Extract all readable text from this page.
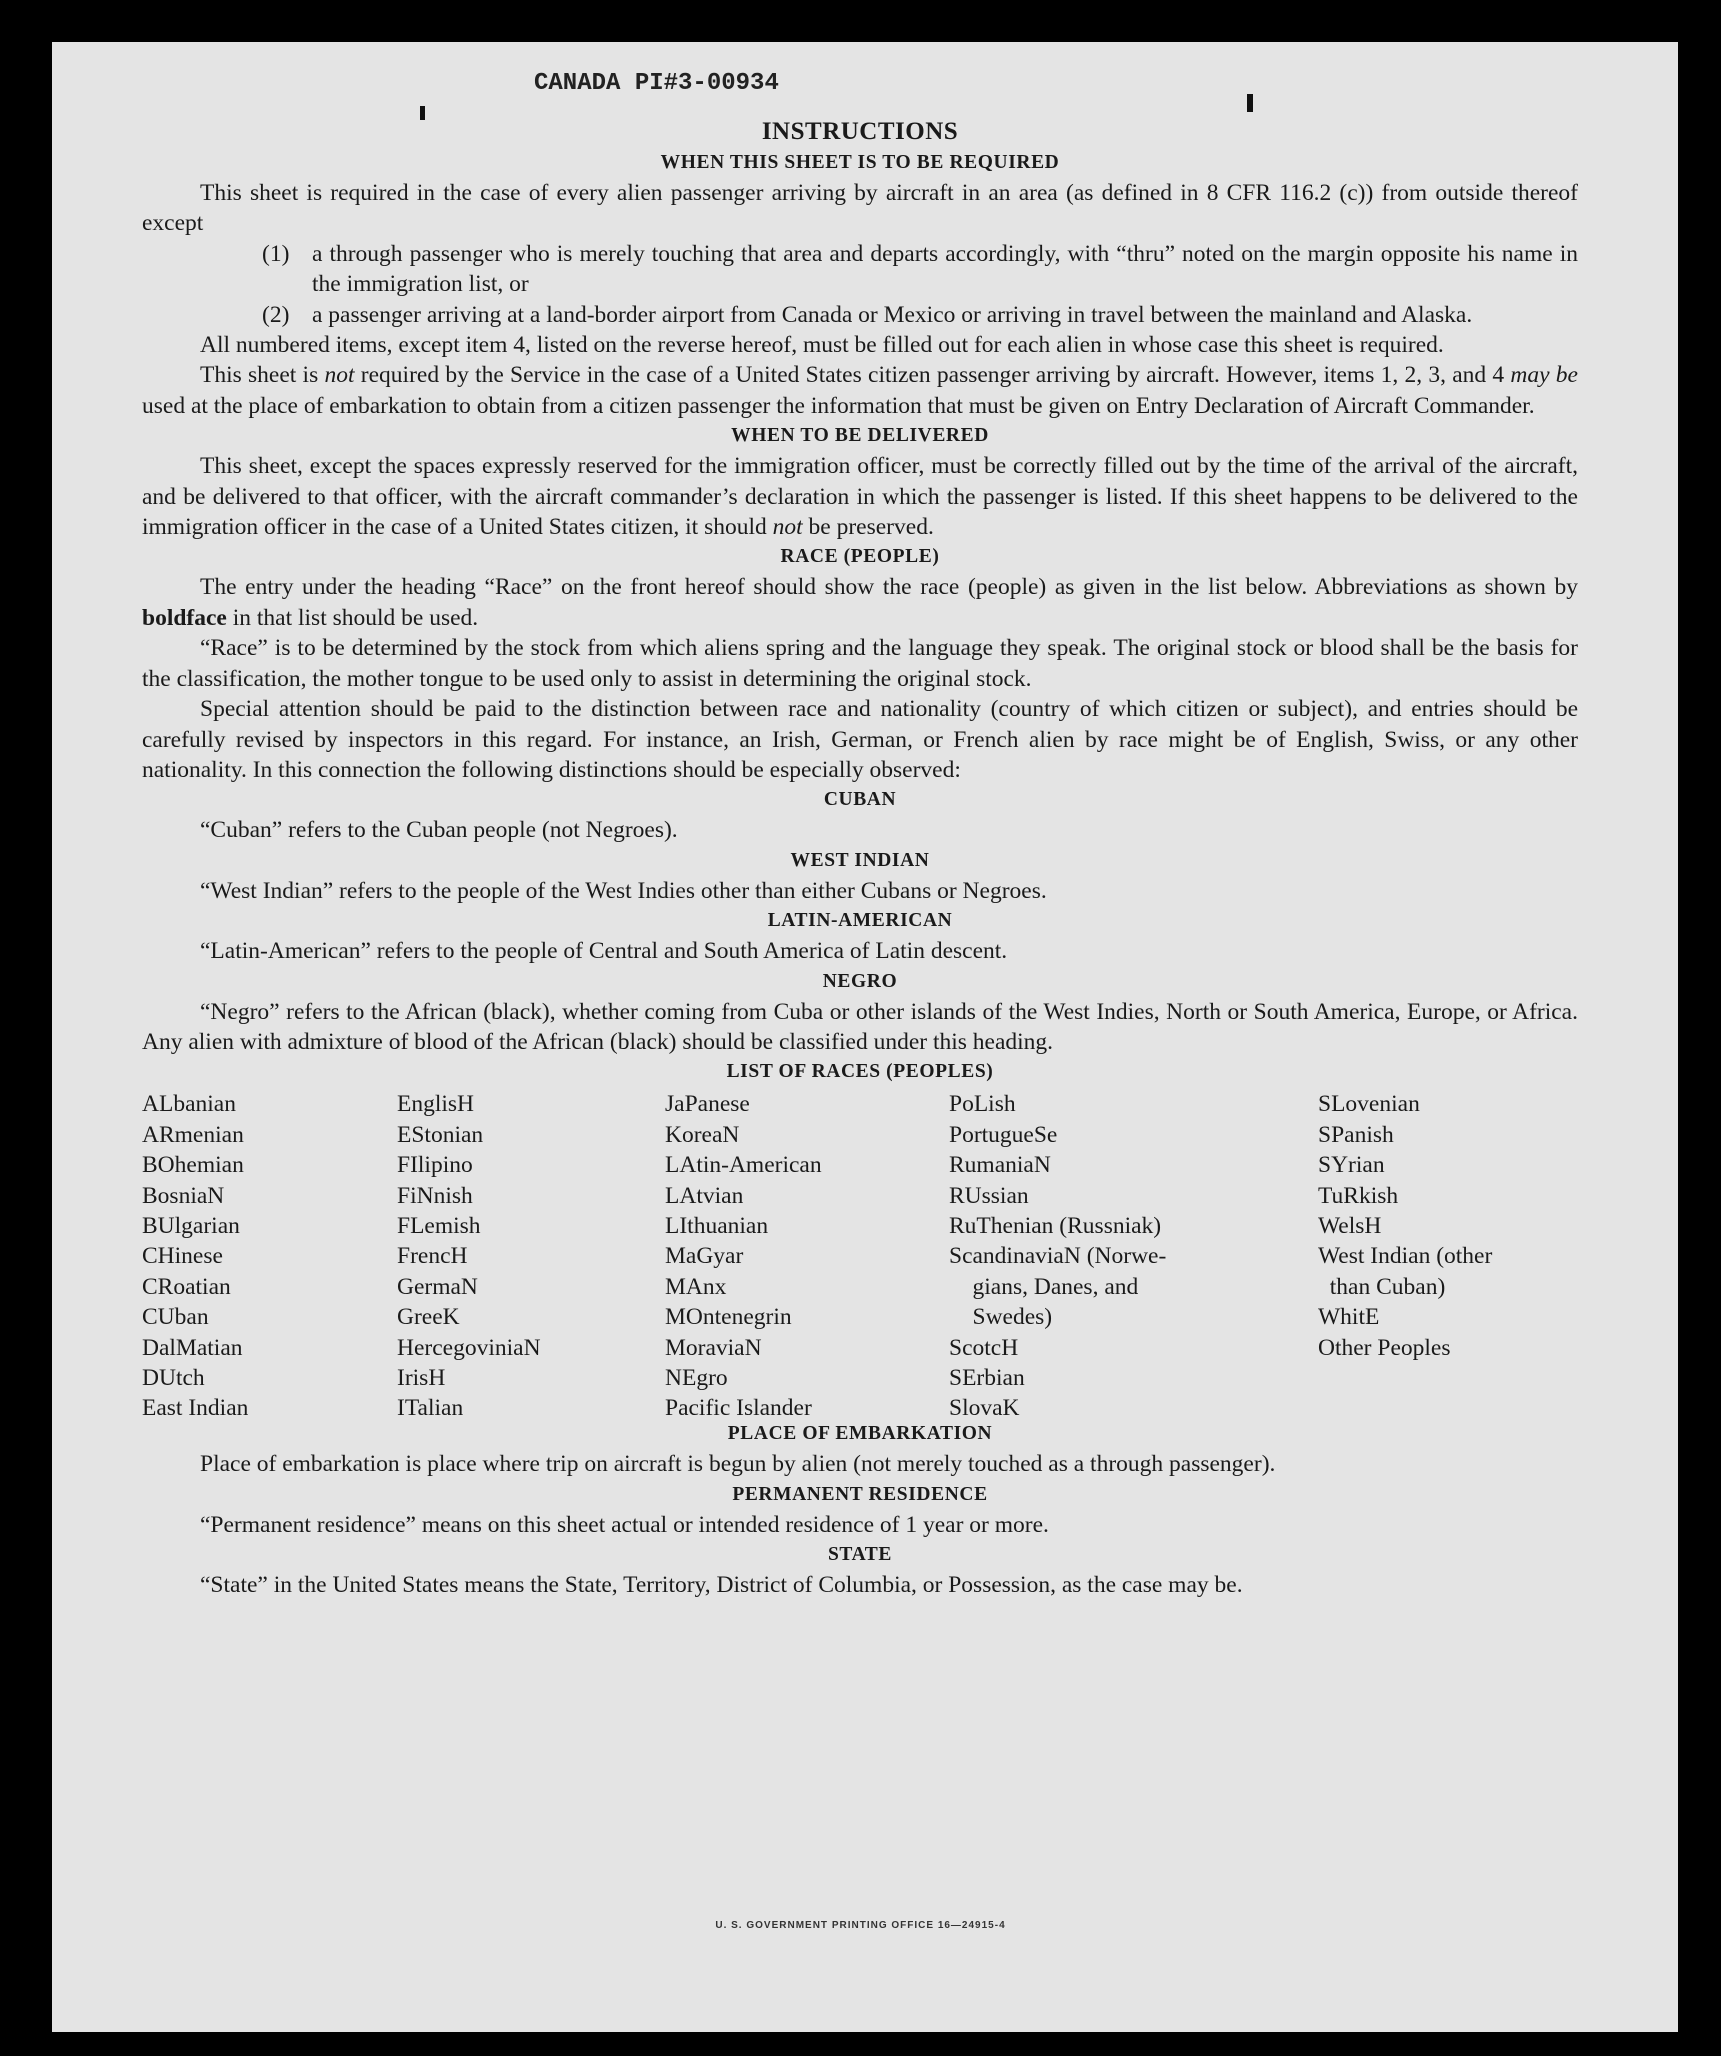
CANADA PI#3-00934
INSTRUCTIONS
WHEN THIS SHEET IS TO BE REQUIRED

This sheet is required in the case of every alien passenger arriving by aircraft in an area (as defined in 8 CFR 116.2 (c)) from outside thereof except

(1) a through passenger who is merely touching that area and departs accordingly, with “thru” noted on the margin opposite his name in the immigration list, or
(2) a passenger arriving at a land-border airport from Canada or Mexico or arriving in travel between the mainland and Alaska.

All numbered items, except item 4, listed on the reverse hereof, must be filled out for each alien in whose case this sheet is required.

This sheet is not required by the Service in the case of a United States citizen passenger arriving by aircraft. However, items 1, 2, 3, and 4 may be used at the place of embarkation to obtain from a citizen passenger the information that must be given on Entry Declaration of Aircraft Commander.

WHEN TO BE DELIVERED

This sheet, except the spaces expressly reserved for the immigration officer, must be correctly filled out by the time of the arrival of the aircraft, and be delivered to that officer, with the aircraft commander’s declaration in which the passenger is listed. If this sheet happens to be delivered to the immigration officer in the case of a United States citizen, it should not be preserved.

RACE (PEOPLE)

The entry under the heading “Race” on the front hereof should show the race (people) as given in the list below. Abbreviations as shown by boldface in that list should be used.

“Race” is to be determined by the stock from which aliens spring and the language they speak. The original stock or blood shall be the basis for the classification, the mother tongue to be used only to assist in determining the original stock.

Special attention should be paid to the distinction between race and nationality (country of which citizen or subject), and entries should be carefully revised by inspectors in this regard. For instance, an Irish, German, or French alien by race might be of English, Swiss, or any other nationality. In this connection the following distinctions should be especially observed:

CUBAN

“Cuban” refers to the Cuban people (not Negroes).

WEST INDIAN

“West Indian” refers to the people of the West Indies other than either Cubans or Negroes.

LATIN-AMERICAN

“Latin-American” refers to the people of Central and South America of Latin descent.

NEGRO

“Negro” refers to the African (black), whether coming from Cuba or other islands of the West Indies, North or South America, Europe, or Africa. Any alien with admixture of blood of the African (black) should be classified under this heading.

LIST OF RACES (PEOPLES)
ALbanian
ARmenian
BOhemian
BosniaN
BUlgarian
CHinese
CRoatian
CUban
DalMatian
DUtch
East Indian
EnglisH
EStonian
FIlipino
FiNnish
FLemish
FrencH
GermaN
GreeK
HercegoviniaN
IrisH
ITalian
JaPanese
KoreaN
LAtin-American
LAtvian
LIthuanian
MaGyar
MAnx
MOntenegrin
MoraviaN
NEgro
Pacific Islander
PoLish
PortugueSe
RumaniaN
RUssian
RuThenian (Russniak)
ScandinaviaN (Norwe-
gians, Danes, and
Swedes)
ScotcH
SErbian
SlovaK
SLovenian
SPanish
SYrian
TuRkish
WelsH
West Indian (other
than Cuban)
WhitE
Other Peoples
PLACE OF EMBARKATION

Place of embarkation is place where trip on aircraft is begun by alien (not merely touched as a through passenger).

PERMANENT RESIDENCE

“Permanent residence” means on this sheet actual or intended residence of 1 year or more.

STATE

“State” in the United States means the State, Territory, District of Columbia, or Possession, as the case may be.

U. S. GOVERNMENT PRINTING OFFICE 16—24915-4
